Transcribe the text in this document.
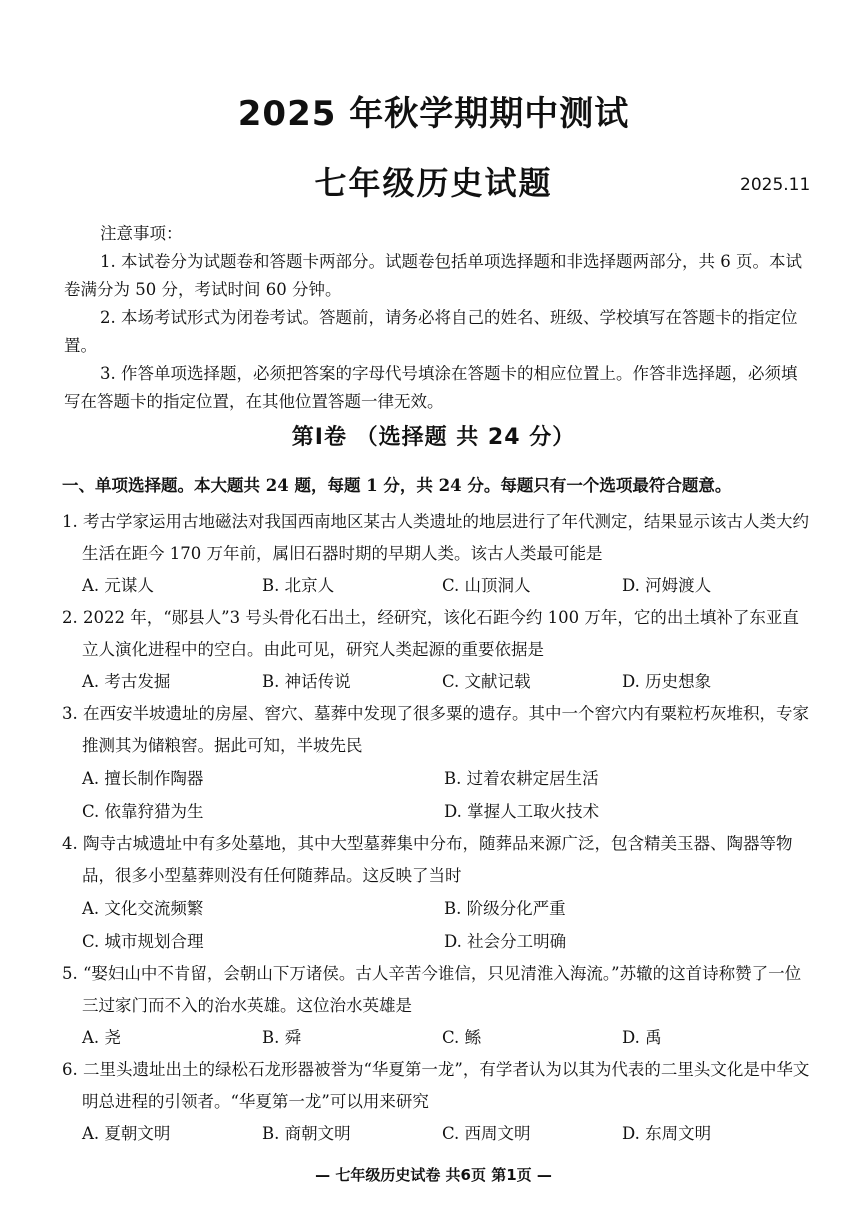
2025 年秋学期期中测试
七年级历史试题	2025.11
注意事项：
1. 本试卷分为试题卷和答题卡两部分。试题卷包括单项选择题和非选择题两部分，共 6 页。本试卷满分为 50 分，考试时间 60 分钟。
2. 本场考试形式为闭卷考试。答题前，请务必将自己的姓名、班级、学校填写在答题卡的指定位置。
3. 作答单项选择题，必须把答案的字母代号填涂在答题卡的相应位置上。作答非选择题，必须填写在答题卡的指定位置，在其他位置答题一律无效。
第Ⅰ卷 （选择题 共 24 分）
一、单项选择题。本大题共 24 题，每题 1 分，共 24 分。每题只有一个选项最符合题意。
1. 考古学家运用古地磁法对我国西南地区某古人类遗址的地层进行了年代测定，结果显示该古人类大约生活在距今 170 万年前，属旧石器时期的早期人类。该古人类最可能是
A. 元谋人	B. 北京人	C. 山顶洞人	D. 河姆渡人
2. 2022 年，“郧县人”3 号头骨化石出土，经研究，该化石距今约 100 万年，它的出土填补了东亚直立人演化进程中的空白。由此可见，研究人类起源的重要依据是
A. 考古发掘	B. 神话传说	C. 文献记载	D. 历史想象
3. 在西安半坡遗址的房屋、窖穴、墓葬中发现了很多粟的遗存。其中一个窖穴内有粟粒朽灰堆积，专家推测其为储粮窖。据此可知，半坡先民
A. 擅长制作陶器	B. 过着农耕定居生活
C. 依靠狩猎为生	D. 掌握人工取火技术
4. 陶寺古城遗址中有多处墓地，其中大型墓葬集中分布，随葬品来源广泛，包含精美玉器、陶器等物品，很多小型墓葬则没有任何随葬品。这反映了当时
A. 文化交流频繁	B. 阶级分化严重
C. 城市规划合理	D. 社会分工明确
5. “娶妇山中不肯留，会朝山下万诸侯。古人辛苦今谁信，只见清淮入海流。”苏辙的这首诗称赞了一位三过家门而不入的治水英雄。这位治水英雄是
A. 尧	B. 舜	C. 鲧	D. 禹
6. 二里头遗址出土的绿松石龙形器被誉为“华夏第一龙”，有学者认为以其为代表的二里头文化是中华文明总进程的引领者。“华夏第一龙”可以用来研究
A. 夏朝文明	B. 商朝文明	C. 西周文明	D. 东周文明
— 七年级历史试卷 共6页 第1页 —
